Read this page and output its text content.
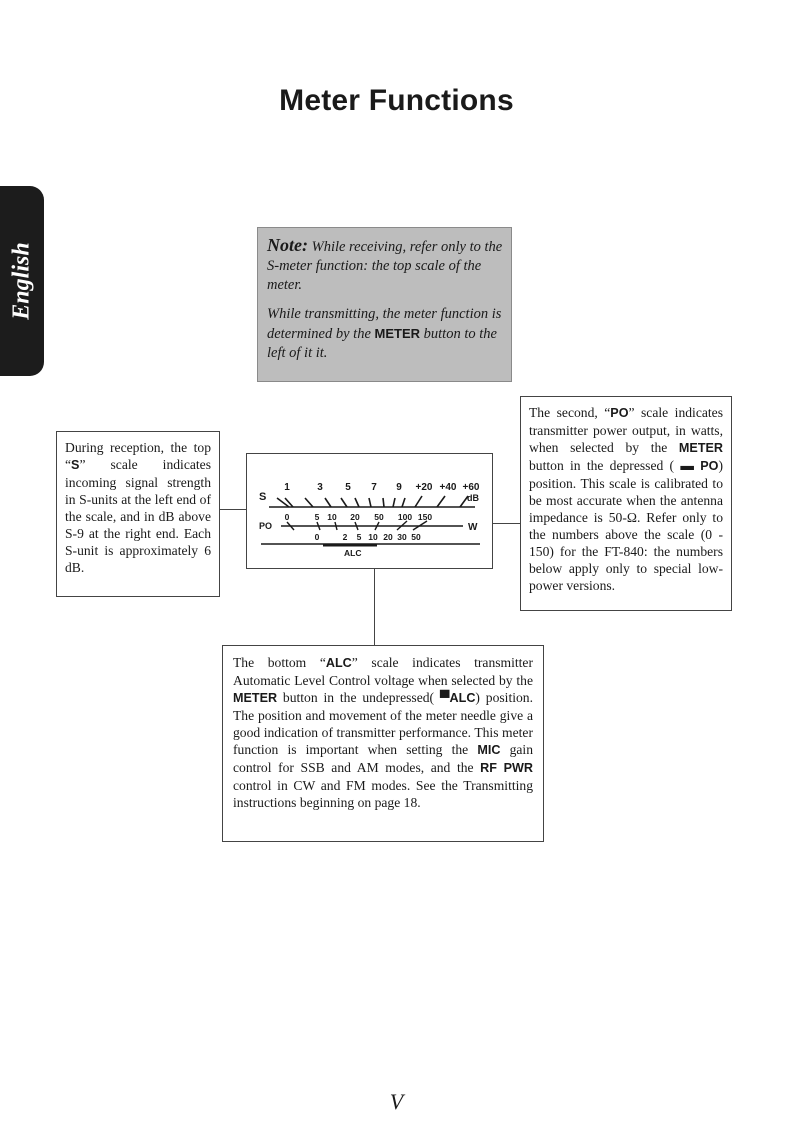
Meter Functions
English	Note: While receiving, refer only to the S-meter function: the top scale of the meter.

While transmitting, the meter function is determined by the METER button to the left of it it.

During reception, the top “S” scale indicates incoming signal strength in S-units at the left end of the scale, and in dB above S-9 at the right end. Each S-unit is approximately 6 dB.
S
1	3 5 7 9 +20 +40 +60
dB
0	5 10 20 50 100 150
PO	W
0	2 5 10 20 30 50
ALC
The second, “PO” scale indicates transmitter power output, in watts, when selected by the METER button in the depressed ( ▬ PO) position. This scale is calibrated to be most accurate when the antenna impedance is 50-Ω. Refer only to the numbers above the scale (0 - 150) for the FT-840: the numbers below apply only to special low-power versions.
The bottom “ALC” scale indicates transmitter Automatic Level Control voltage when selected by the METER button in the undepressed( ▀ALC) position. The position and movement of the meter needle give a good indication of transmitter performance. This meter function is important when setting the MIC gain control for SSB and AM modes, and the RF PWR control in CW and FM modes. See the Transmitting instructions beginning on page 18.
V
